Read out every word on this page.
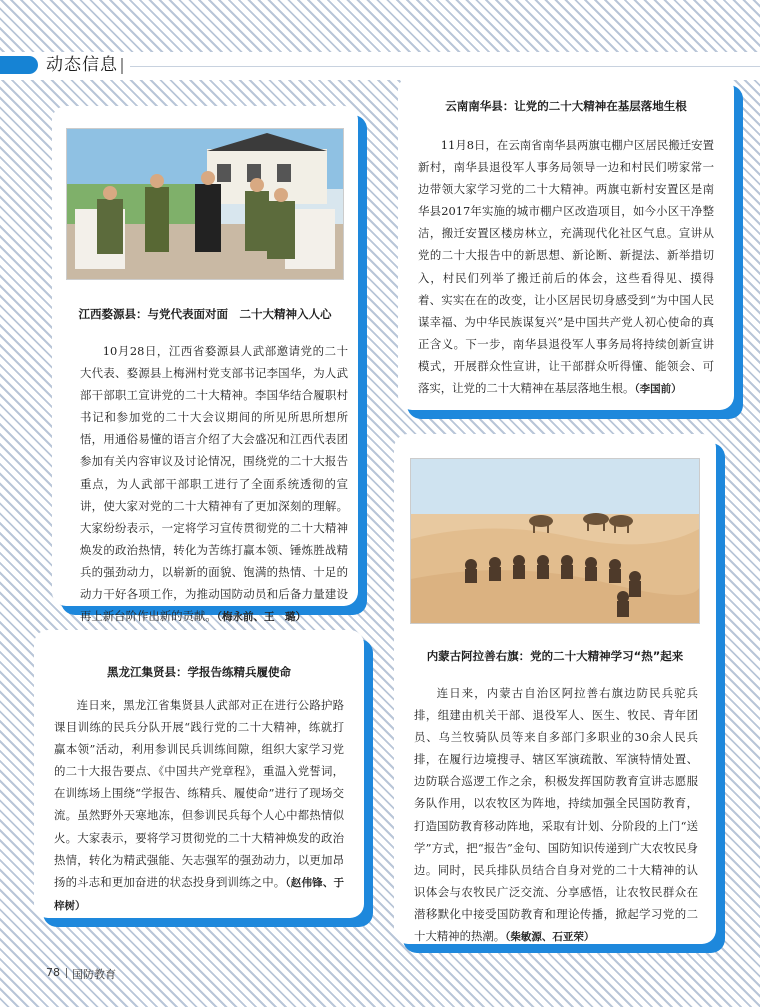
动态信息
江西婺源县：与党代表面对面　二十大精神入人心
10月28日，江西省婺源县人武部邀请党的二十大代表、婺源县上梅洲村党支部书记李国华，为人武部干部职工宣讲党的二十大精神。李国华结合履职村书记和参加党的二十大会议期间的所见所思所想所悟，用通俗易懂的语言介绍了大会盛况和江西代表团参加有关内容审议及讨论情况，围绕党的二十大报告重点，为人武部干部职工进行了全面系统透彻的宣讲，使大家对党的二十大精神有了更加深刻的理解。大家纷纷表示，一定将学习宣传贯彻党的二十大精神焕发的政治热情，转化为苦练打赢本领、锤炼胜战精兵的强劲动力，以崭新的面貌、饱满的热情、十足的动力干好各项工作，为推动国防动员和后备力量建设再上新台阶作出新的贡献。（梅永前、王　璐）
云南南华县：让党的二十大精神在基层落地生根
11月8日，在云南省南华县两旗屯棚户区居民搬迁安置新村，南华县退役军人事务局领导一边和村民们唠家常一边带领大家学习党的二十大精神。两旗屯新村安置区是南华县2017年实施的城市棚户区改造项目，如今小区干净整洁，搬迁安置区楼房林立，充满现代化社区气息。宣讲从党的二十大报告中的新思想、新论断、新提法、新举措切入，村民们列举了搬迁前后的体会，这些看得见、摸得着、实实在在的改变，让小区居民切身感受到“为中国人民谋幸福、为中华民族谋复兴”是中国共产党人初心使命的真正含义。下一步，南华县退役军人事务局将持续创新宣讲模式，开展群众性宣讲，让干部群众听得懂、能领会、可落实，让党的二十大精神在基层落地生根。（李国前）
黑龙江集贤县：学报告练精兵履使命
连日来，黑龙江省集贤县人武部对正在进行公路护路课目训练的民兵分队开展“践行党的二十大精神，练就打赢本领”活动，利用参训民兵训练间隙，组织大家学习党的二十大报告要点、《中国共产党章程》，重温入党誓词，在训练场上围绕“学报告、练精兵、履使命”进行了现场交流。虽然野外天寒地冻，但参训民兵每个人心中都热情似火。大家表示，要将学习贯彻党的二十大精神焕发的政治热情，转化为精武强能、矢志强军的强劲动力，以更加昂扬的斗志和更加奋进的状态投身到训练之中。（赵伟锋、于梓树）
内蒙古阿拉善右旗：党的二十大精神学习“热”起来
连日来，内蒙古自治区阿拉善右旗边防民兵驼兵排，组建由机关干部、退役军人、医生、牧民、青年团员、乌兰牧骑队员等来自多部门多职业的30余人民兵排，在履行边境搜寻、辖区军演疏散、军演特情处置、边防联合巡逻工作之余，积极发挥国防教育宣讲志愿服务队作用，以农牧区为阵地，持续加强全民国防教育，打造国防教育移动阵地，采取有计划、分阶段的上门“送学”方式，把“报告”金句、国防知识传递到广大农牧民身边。同时，民兵排队员结合自身对党的二十大精神的认识体会与农牧民广泛交流、分享感悟，让农牧民群众在潜移默化中接受国防教育和理论传播，掀起学习党的二十大精神的热潮。（柴敏源、石亚荣）
78 国防教育
